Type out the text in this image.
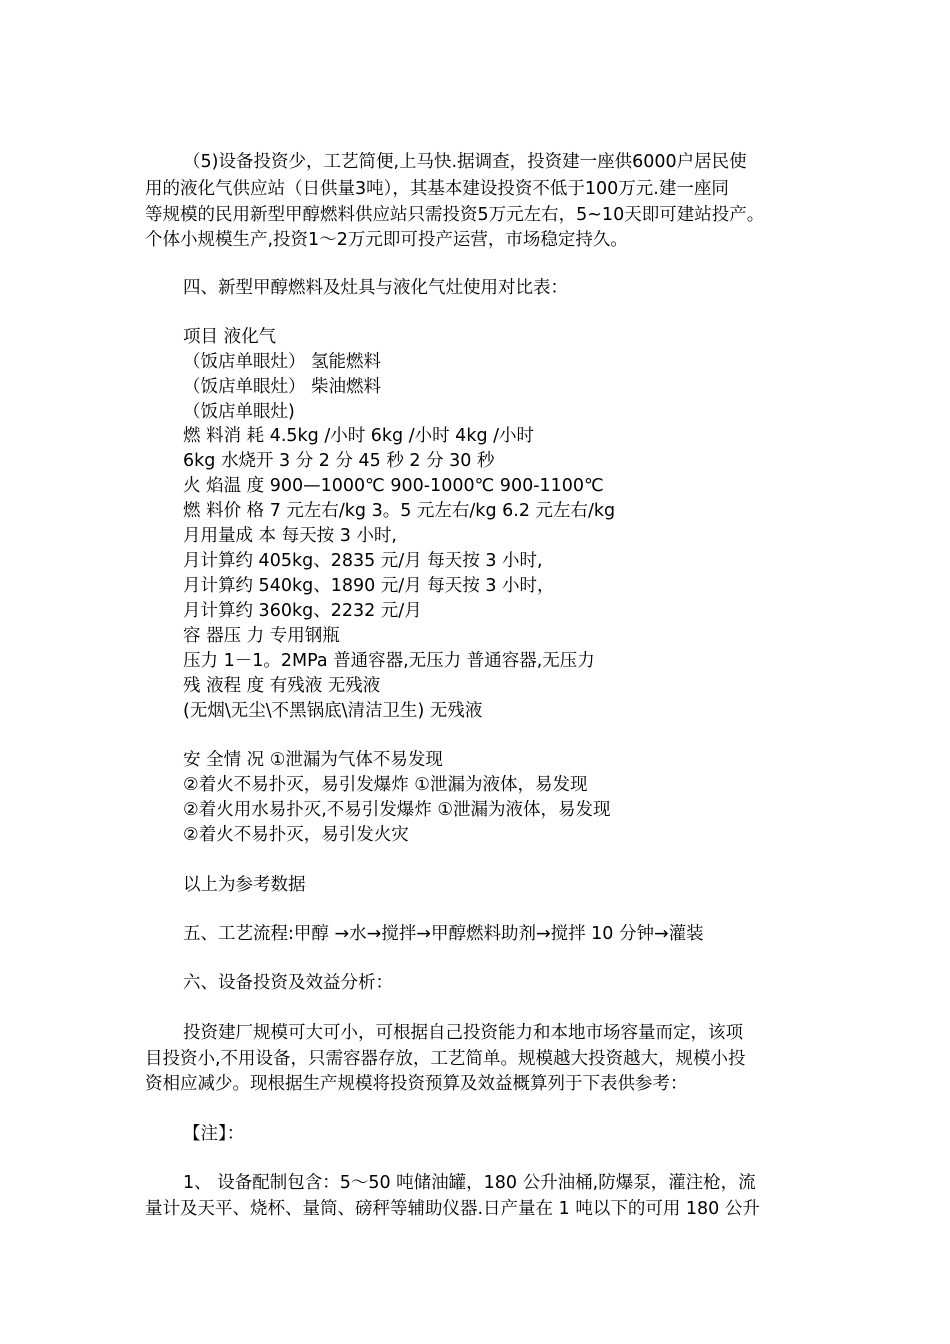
（5)设备投资少，工艺简便,上马快.据调查，投资建一座供6000户居民使
用的液化气供应站（日供量3吨），其基本建设投资不低于100万元.建一座同
等规模的民用新型甲醇燃料供应站只需投资5万元左右，5~10天即可建站投产。
个体小规模生产,投资1～2万元即可投产运营，市场稳定持久。
四、新型甲醇燃料及灶具与液化气灶使用对比表：
项目 液化气
（饭店单眼灶） 氢能燃料
（饭店单眼灶） 柴油燃料
（饭店单眼灶)
燃 料消 耗 4.5kg /小时 6kg /小时 4kg /小时
6kg 水烧开 3 分 2 分 45 秒 2 分 30 秒
火 焰温 度 900—1000℃ 900-1000℃ 900-1100℃
燃 料价 格 7 元左右/kg 3。5 元左右/kg 6.2 元左右/kg
月用量成 本 每天按 3 小时,
月计算约 405kg、2835 元/月 每天按 3 小时,
月计算约 540kg、1890 元/月 每天按 3 小时，
月计算约 360kg、2232 元/月
容 器压 力 专用钢瓶
压力 1－1。2MPa 普通容器,无压力 普通容器,无压力
残 液程 度 有残液 无残液
(无烟\无尘\不黑锅底\清洁卫生) 无残液
安 全情 况 ①泄漏为气体不易发现
②着火不易扑灭，易引发爆炸 ①泄漏为液体，易发现
②着火用水易扑灭,不易引发爆炸 ①泄漏为液体，易发现
②着火不易扑灭，易引发火灾
以上为参考数据
五、工艺流程:甲醇 →水→搅拌→甲醇燃料助剂→搅拌 10 分钟→灌装
六、设备投资及效益分析：
投资建厂规模可大可小，可根据自己投资能力和本地市场容量而定，该项
目投资小,不用设备，只需容器存放，工艺简单。规模越大投资越大，规模小投
资相应减少。现根据生产规模将投资预算及效益概算列于下表供参考：
【注】：
1、 设备配制包含：5～50 吨储油罐，180 公升油桶,防爆泵，灌注枪，流
量计及天平、烧杯、量筒、磅秤等辅助仪器.日产量在 1 吨以下的可用 180 公升
